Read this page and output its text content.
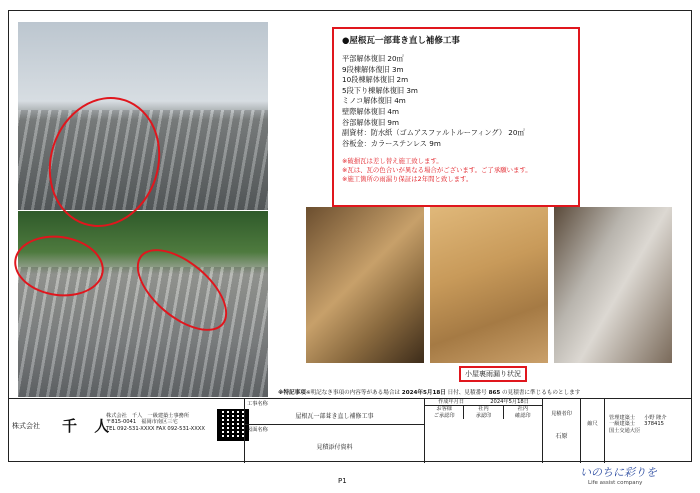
●屋根瓦一部葺き直し補修工事
平部解体復旧 20㎡
9段棟解体復旧 3m
10段棟解体復旧 2m
5段下り棟解体復旧 3m
ミノコ解体復旧 4m
壁際解体復旧 4m
谷部解体復旧 9m
副資材：防水紙（ゴムアスファルトルーフィング） 20㎡
谷板金：カラーステンレス 9m
※破損瓦は差し替え施工致します。
※瓦は、瓦の色合いが異なる場合がございます。ご了承願います。
※施工箇所の雨漏り保証は2年間と致します。
小屋裏雨漏り状況
※特記事項※明記なき事項の内容等がある場合は 2024年5月18日 日付、見積番号 865 の見積書に準じるものとします
株式会社 千 人
株式会社　千人　一級建築士事務所
〒815-0041　福岡市南区三宅
TEL 092-531-XXXX FAX 092-531-XXXX
工事名称
屋根瓦一部葺き直し補修工事
図面名称
見積添付資料
作成年月日	2024年5月18日
お客様
ご承認印
社内
承認印
社内
確認印	見積者印
石原
縮尺
管理建築士
一級建築士
国土交通大臣
小野 隆介
378415
P1
いのちに彩りを
Life assist company
